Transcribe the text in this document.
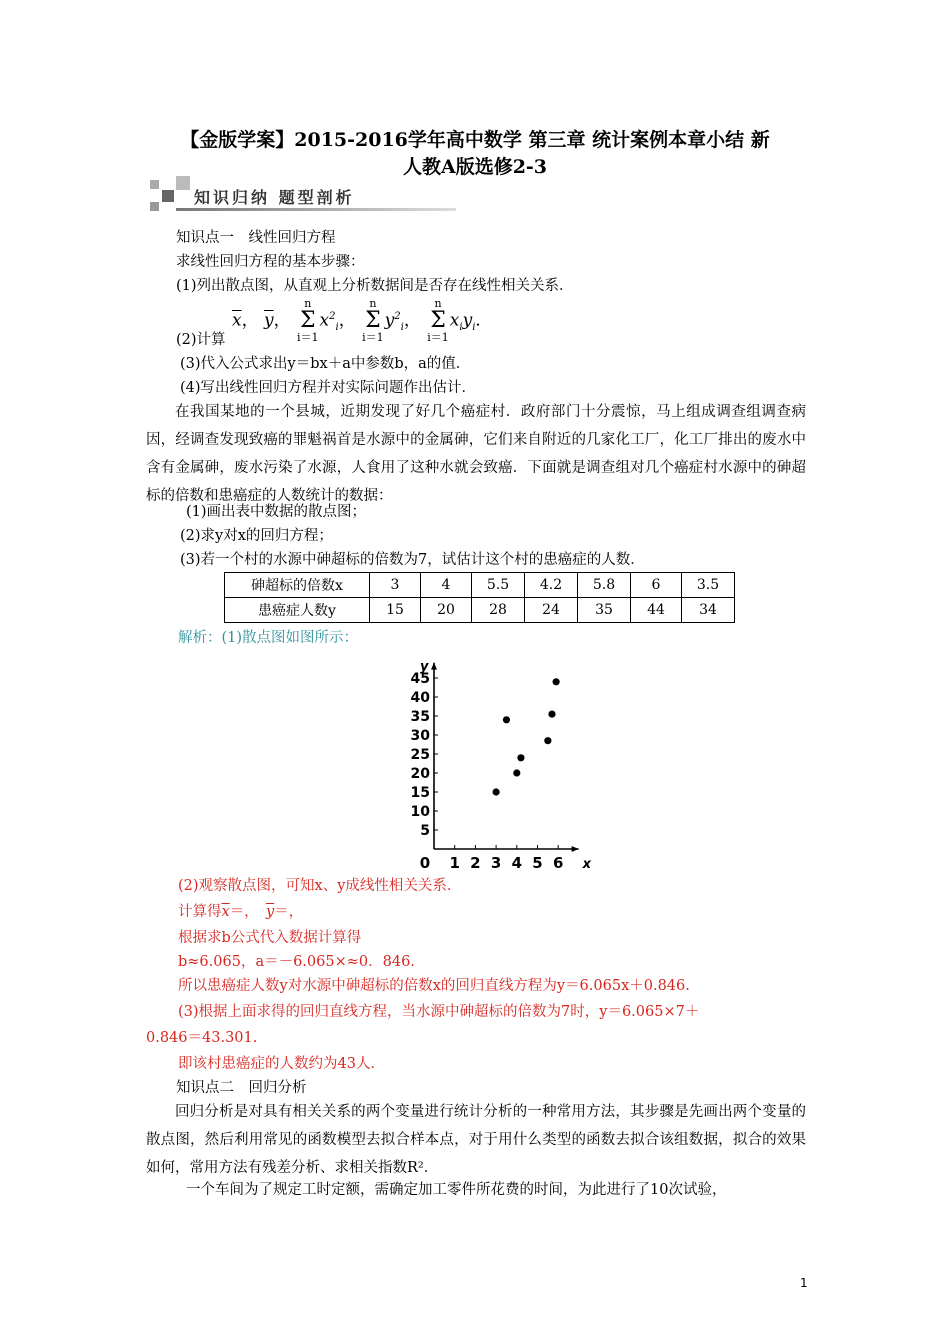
【金版学案】2015-2016学年高中数学 第三章 统计案例本章小结 新
人教A版选修2-3
知识归纳 题型剖析
知识点一　线性回归方程
求线性回归方程的基本步骤：
(1)列出散点图，从直观上分析数据间是否存在线性相关关系．
$\overline{x}$， $\overline{y}$， n
Σ
$i=1x^2_i$， n
Σ
$i=1y^2_i$， n
Σ
$i=1x_iy_i$．
(2)计算
(3)代入公式求出y＝bx＋a中参数b，a的值．
(4)写出线性回归方程并对实际问题作出估计．
在我国某地的一个县城，近期发现了好几个癌症村．政府部门十分震惊，马上组成调查组调查病因，经调查发现致癌的罪魁祸首是水源中的金属砷，它们来自附近的几家化工厂，化工厂排出的废水中含有金属砷，废水污染了水源，人食用了这种水就会致癌．下面就是调查组对几个癌症村水源中的砷超标的倍数和患癌症的人数统计的数据：
(1)画出表中数据的散点图；
(2)求y对x的回归方程；
(3)若一个村的水源中砷超标的倍数为7，试估计这个村的患癌症的人数．
砷超标的倍数x	3	4	5.5	4.2	5.8	6	3.5
患癌症人数y	15	20	28	24	35	44	34
解析：(1)散点图如图所示：
x
y
0 1 2 3 4 5 6
5
10
15
20
25
30
35
40
45
(2)观察散点图，可知x、y成线性相关关系．
计算得$\overline{x}=$，　 $\overline{y}=$，
根据求b公式代入数据计算得
b≈6.065，a＝－6.065×≈0．846.
所以患癌症人数y对水源中砷超标的倍数x的回归直线方程为y＝6.065x＋0.846.
(3)根据上面求得的回归直线方程，当水源中砷超标的倍数为7时，y＝6.065×7＋
0.846＝43.301.
即该村患癌症的人数约为43人．
知识点二　回归分析
回归分析是对具有相关关系的两个变量进行统计分析的一种常用方法，其步骤是先画出两个变量的散点图，然后利用常见的函数模型去拟合样本点，对于用什么类型的函数去拟合该组数据，拟合的效果如何，常用方法有残差分析、求相关指数R²．
一个车间为了规定工时定额，需确定加工零件所花费的时间，为此进行了10次试验，
1
